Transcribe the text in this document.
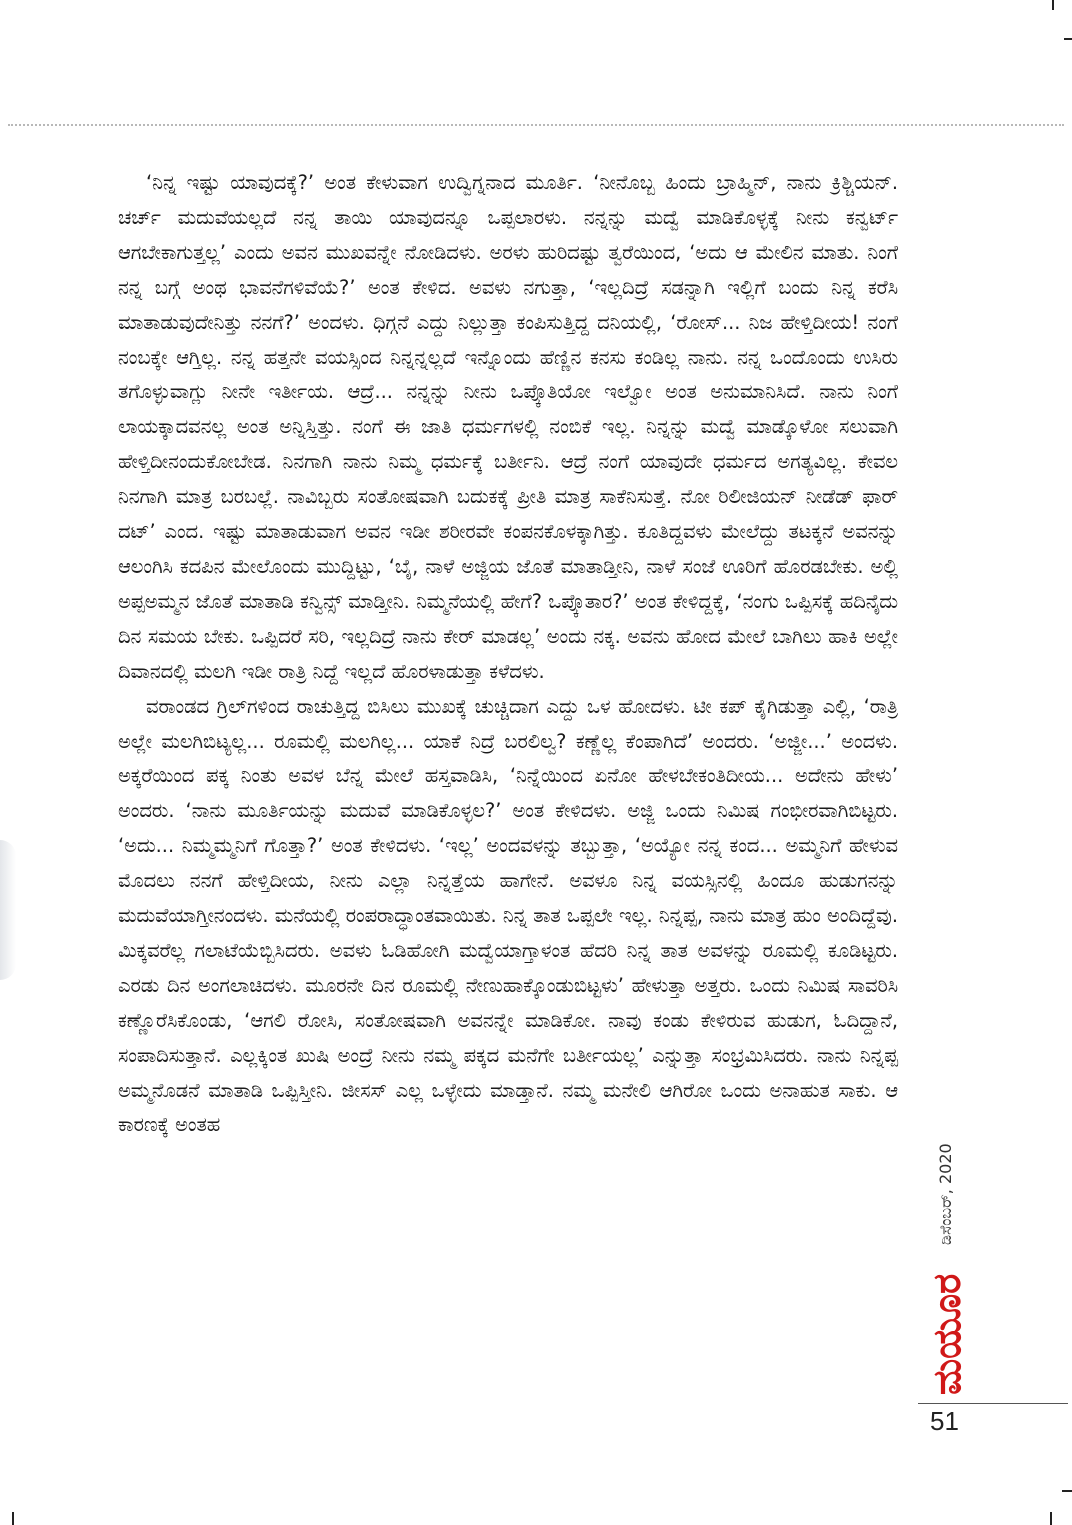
‘ನಿನ್ನ ಇಷ್ಟು ಯಾವುದಕ್ಕೆ?’ ಅಂತ ಕೇಳುವಾಗ ಉದ್ವಿಗ್ನನಾದ ಮೂರ್ತಿ. ‘ನೀನೊಬ್ಬ ಹಿಂದು ಬ್ರಾಹ್ಮಿನ್, ನಾನು ಕ್ರಿಶ್ಚಿಯನ್. ಚರ್ಚ್ ಮದುವೆಯಲ್ಲದೆ ನನ್ನ ತಾಯಿ ಯಾವುದನ್ನೂ ಒಪ್ಪಲಾರಳು. ನನ್ನನ್ನು ಮದ್ವೆ ಮಾಡಿಕೊಳ್ಳಕ್ಕೆ ನೀನು ಕನ್ವರ್ಟ್ ಆಗಬೇಕಾಗುತ್ತಲ್ಲ’ ಎಂದು ಅವನ ಮುಖವನ್ನೇ ನೋಡಿದಳು. ಅರಳು ಹುರಿದಷ್ಟು ತ್ವರೆಯಿಂದ, ‘ಅದು ಆ ಮೇಲಿನ ಮಾತು. ನಿಂಗೆ ನನ್ನ ಬಗ್ಗೆ ಅಂಥ ಭಾವನೆಗಳಿವೆಯೆ?’ ಅಂತ ಕೇಳಿದ. ಅವಳು ನಗುತ್ತಾ, ‘ಇಲ್ಲದಿದ್ರೆ ಸಡನ್ನಾಗಿ ಇಲ್ಲಿಗೆ ಬಂದು ನಿನ್ನ ಕರೆಸಿ ಮಾತಾಡುವುದೇನಿತ್ತು ನನಗೆ?’ ಅಂದಳು. ಧಿಗ್ಗನೆ ಎದ್ದು ನಿಲ್ಲುತ್ತಾ ಕಂಪಿಸುತ್ತಿದ್ದ ದನಿಯಲ್ಲಿ, ‘ರೋಸ್... ನಿಜ ಹೇಳ್ತಿದೀಯ! ನಂಗೆ ನಂಬಕ್ಕೇ ಆಗ್ತಿಲ್ಲ. ನನ್ನ ಹತ್ತನೇ ವಯಸ್ಸಿಂದ ನಿನ್ನನ್ನಲ್ಲದೆ ಇನ್ನೊಂದು ಹೆಣ್ಣಿನ ಕನಸು ಕಂಡಿಲ್ಲ ನಾನು. ನನ್ನ ಒಂದೊಂದು ಉಸಿರು ತಗೊಳ್ಳುವಾಗ್ಲು ನೀನೇ ಇರ್ತೀಯ. ಆದ್ರೆ... ನನ್ನನ್ನು ನೀನು ಒಪ್ಕೊತಿಯೋ ಇಲ್ವೋ ಅಂತ ಅನುಮಾನಿಸಿದೆ. ನಾನು ನಿಂಗೆ ಲಾಯಕ್ಕಾದವನಲ್ಲ ಅಂತ ಅನ್ನಿಸ್ತಿತ್ತು. ನಂಗೆ ಈ ಜಾತಿ ಧರ್ಮಗಳಲ್ಲಿ ನಂಬಿಕೆ ಇಲ್ಲ. ನಿನ್ನನ್ನು ಮದ್ವೆ ಮಾಡ್ಕೊಳೋ ಸಲುವಾಗಿ ಹೇಳ್ತಿದೀನಂದುಕೋಬೇಡ. ನಿನಗಾಗಿ ನಾನು ನಿಮ್ಮ ಧರ್ಮಕ್ಕೆ ಬರ್ತೀನಿ. ಆದ್ರೆ ನಂಗೆ ಯಾವುದೇ ಧರ್ಮದ ಅಗತ್ಯವಿಲ್ಲ. ಕೇವಲ ನಿನಗಾಗಿ ಮಾತ್ರ ಬರಬಲ್ಲೆ. ನಾವಿಬ್ಬರು ಸಂತೋಷವಾಗಿ ಬದುಕಕ್ಕೆ ಪ್ರೀತಿ ಮಾತ್ರ ಸಾಕೆನಿಸುತ್ತೆ. ನೋ ರಿಲೀಜಿಯನ್ ನೀಡೆಡ್ ಫಾರ್ ದಟ್’ ಎಂದ. ಇಷ್ಟು ಮಾತಾಡುವಾಗ ಅವನ ಇಡೀ ಶರೀರವೇ ಕಂಪನಕೊಳಕ್ಕಾಗಿತ್ತು. ಕೂತಿದ್ದವಳು ಮೇಲೆದ್ದು ತಟಕ್ಕನೆ ಅವನನ್ನು ಆಲಂಗಿಸಿ ಕದಪಿನ ಮೇಲೊಂದು ಮುದ್ದಿಟ್ಟು, ‘ಬೈ, ನಾಳೆ ಅಜ್ಜಿಯ ಜೊತೆ ಮಾತಾಡ್ತೀನಿ, ನಾಳೆ ಸಂಜೆ ಊರಿಗೆ ಹೊರಡಬೇಕು. ಅಲ್ಲಿ ಅಪ್ಪಅಮ್ಮನ ಜೊತೆ ಮಾತಾಡಿ ಕನ್ವಿನ್ಸ್ ಮಾಡ್ತೀನಿ. ನಿಮ್ಮನೆಯಲ್ಲಿ ಹೇಗೆ? ಒಪ್ಕೊತಾರ?’ ಅಂತ ಕೇಳಿದ್ದಕ್ಕೆ, ‘ನಂಗು ಒಪ್ಪಿಸಕ್ಕೆ ಹದಿನೈದು ದಿನ ಸಮಯ ಬೇಕು. ಒಪ್ಪಿದರೆ ಸರಿ, ಇಲ್ಲದಿದ್ರೆ ನಾನು ಕೇರ್ ಮಾಡಲ್ಲ’ ಅಂದು ನಕ್ಕ. ಅವನು ಹೋದ ಮೇಲೆ ಬಾಗಿಲು ಹಾಕಿ ಅಲ್ಲೇ ದಿವಾನದಲ್ಲಿ ಮಲಗಿ ಇಡೀ ರಾತ್ರಿ ನಿದ್ದೆ ಇಲ್ಲದೆ ಹೊರಳಾಡುತ್ತಾ ಕಳೆದಳು.

ವರಾಂಡದ ಗ್ರಿಲ್‌ಗಳಿಂದ ರಾಚುತ್ತಿದ್ದ ಬಿಸಿಲು ಮುಖಕ್ಕೆ ಚುಚ್ಚಿದಾಗ ಎದ್ದು ಒಳ ಹೋದಳು. ಟೀ ಕಪ್ ಕೈಗಿಡುತ್ತಾ ಎಲ್ಲಿ, ‘ರಾತ್ರಿ ಅಲ್ಲೇ ಮಲಗಿಬಿಟ್ಯಲ್ಲ... ರೂಮಲ್ಲಿ ಮಲಗಿಲ್ಲ... ಯಾಕೆ ನಿದ್ರೆ ಬರಲಿಲ್ವ? ಕಣ್ಣೆಲ್ಲ ಕೆಂಪಾಗಿದೆ’ ಅಂದರು. ‘ಅಜ್ಜೀ...’ ಅಂದಳು. ಅಕ್ಕರೆಯಿಂದ ಪಕ್ಕ ನಿಂತು ಅವಳ ಬೆನ್ನ ಮೇಲೆ ಹಸ್ತವಾಡಿಸಿ, ‘ನಿನ್ನೆಯಿಂದ ಏನೋ ಹೇಳಬೇಕಂತಿದೀಯ... ಅದೇನು ಹೇಳು’ ಅಂದರು. ‘ನಾನು ಮೂರ್ತಿಯನ್ನು ಮದುವೆ ಮಾಡಿಕೊಳ್ಳಲ?’ ಅಂತ ಕೇಳಿದಳು. ಅಜ್ಜಿ ಒಂದು ನಿಮಿಷ ಗಂಭೀರವಾಗಿಬಿಟ್ಟರು. ‘ಅದು... ನಿಮ್ಮಮ್ಮನಿಗೆ ಗೊತ್ತಾ?’ ಅಂತ ಕೇಳಿದಳು. ‘ಇಲ್ಲ’ ಅಂದವಳನ್ನು ತಬ್ಬುತ್ತಾ, ‘ಅಯ್ಯೋ ನನ್ನ ಕಂದ... ಅಮ್ಮನಿಗೆ ಹೇಳುವ ಮೊದಲು ನನಗೆ ಹೇಳ್ತಿದೀಯ, ನೀನು ಎಲ್ಲಾ ನಿನ್ನತ್ತೆಯ ಹಾಗೇನೆ. ಅವಳೂ ನಿನ್ನ ವಯಸ್ಸಿನಲ್ಲಿ ಹಿಂದೂ ಹುಡುಗನನ್ನು ಮದುವೆಯಾಗ್ತೀನಂದಳು. ಮನೆಯಲ್ಲಿ ರಂಪರಾದ್ಧಾಂತವಾಯಿತು. ನಿನ್ನ ತಾತ ಒಪ್ಪಲೇ ಇಲ್ಲ. ನಿನ್ನಪ್ಪ, ನಾನು ಮಾತ್ರ ಹುಂ ಅಂದಿದ್ದೆವು. ಮಿಕ್ಕವರೆಲ್ಲ ಗಲಾಟೆಯೆಬ್ಬಿಸಿದರು. ಅವಳು ಓಡಿಹೋಗಿ ಮದ್ವೆಯಾಗ್ತಾಳಂತ ಹೆದರಿ ನಿನ್ನ ತಾತ ಅವಳನ್ನು ರೂಮಲ್ಲಿ ಕೂಡಿಟ್ಟರು. ಎರಡು ದಿನ ಅಂಗಲಾಚಿದಳು. ಮೂರನೇ ದಿನ ರೂಮಲ್ಲಿ ನೇಣುಹಾಕ್ಕೊಂಡುಬಿಟ್ಟಳು’ ಹೇಳುತ್ತಾ ಅತ್ತರು. ಒಂದು ನಿಮಿಷ ಸಾವರಿಸಿ ಕಣ್ಣೊರೆಸಿಕೊಂಡು, ‘ಆಗಲಿ ರೋಸಿ, ಸಂತೋಷವಾಗಿ ಅವನನ್ನೇ ಮಾಡಿಕೋ. ನಾವು ಕಂಡು ಕೇಳಿರುವ ಹುಡುಗ, ಓದಿದ್ದಾನೆ, ಸಂಪಾದಿಸುತ್ತಾನೆ. ಎಲ್ಲಕ್ಕಿಂತ ಖುಷಿ ಅಂದ್ರೆ ನೀನು ನಮ್ಮ ಪಕ್ಕದ ಮನೆಗೇ ಬರ್ತೀಯಲ್ಲ’ ಎನ್ನುತ್ತಾ ಸಂಭ್ರಮಿಸಿದರು. ನಾನು ನಿನ್ನಪ್ಪ ಅಮ್ಮನೊಡನೆ ಮಾತಾಡಿ ಒಪ್ಪಿಸ್ತೀನಿ. ಜೀಸಸ್ ಎಲ್ಲ ಒಳ್ಳೇದು ಮಾಡ್ತಾನೆ. ನಮ್ಮ ಮನೇಲಿ ಆಗಿರೋ ಒಂದು ಅನಾಹುತ ಸಾಕು. ಆ ಕಾರಣಕ್ಕೆ ಅಂತಹ

ಡಿಸೆಂಬರ್, 2020
ಮಯೂರ
51
